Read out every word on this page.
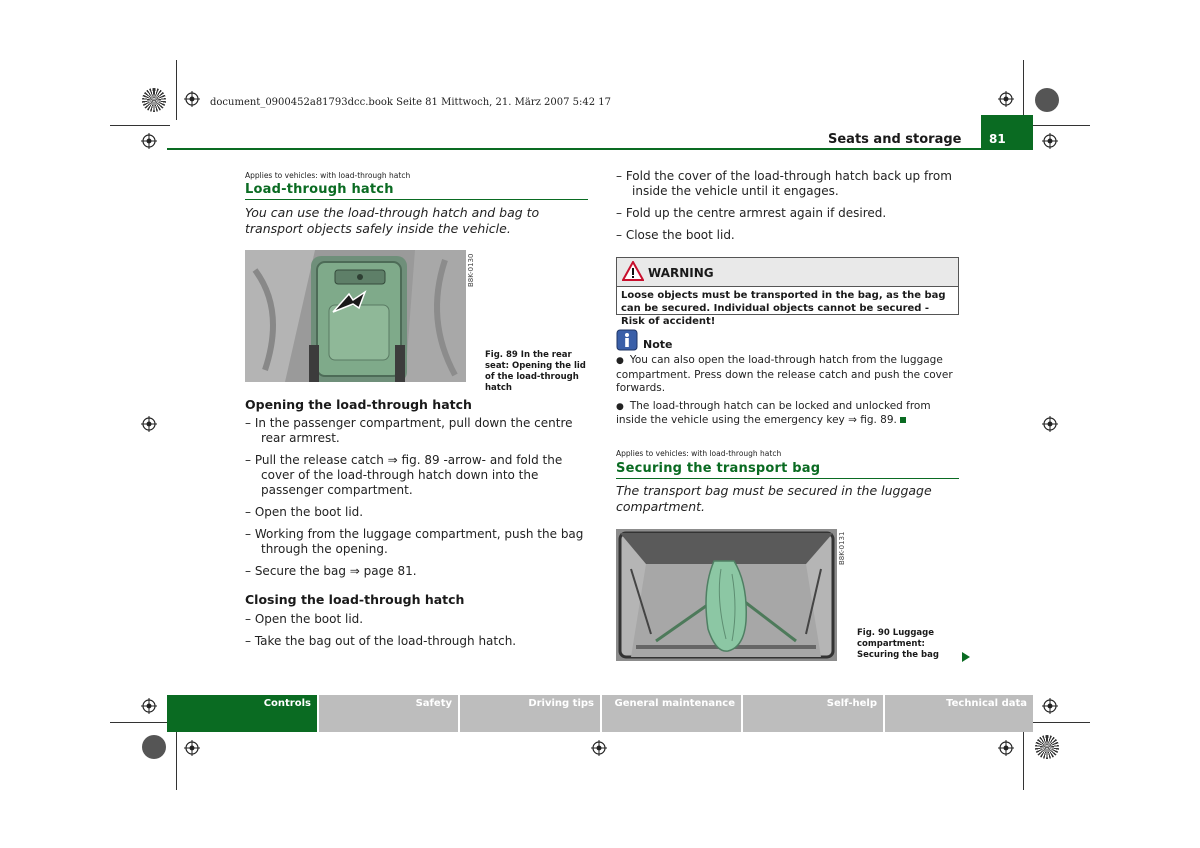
document_0900452a81793dcc.book Seite 81 Mittwoch, 21. März 2007 5:42 17
Seats and storage	81
Applies to vehicles: with load-through hatch
Load-through hatch
You can use the load-through hatch and bag to transport objects safely inside the vehicle.
B8K-0130
Fig. 89 In the rear seat: Opening the lid of the load-through hatch
Opening the load-through hatch
– In the passenger compartment, pull down the centre rear armrest.
– Pull the release catch ⇒ fig. 89 -arrow- and fold the cover of the load-through hatch down into the passenger compartment.
– Open the boot lid.
– Working from the luggage compartment, push the bag through the opening.
– Secure the bag ⇒ page 81.
Closing the load-through hatch
– Open the boot lid.
– Take the bag out of the load-through hatch.
– Fold the cover of the load-through hatch back up from inside the vehicle until it engages.
– Fold up the centre armrest again if desired.
– Close the boot lid.
WARNING
Loose objects must be transported in the bag, as the bag can be secured. Individual objects cannot be secured - Risk of accident!
Note
● You can also open the load-through hatch from the luggage compartment. Press down the release catch and push the cover forwards.
● The load-through hatch can be locked and unlocked from inside the vehicle using the emergency key ⇒ fig. 89.
Applies to vehicles: with load-through hatch
Securing the transport bag
The transport bag must be secured in the luggage compartment.
B8K-0131
Fig. 90 Luggage compartment: Securing the bag
Controls	Safety	Driving tips	General maintenance	Self-help	Technical data
